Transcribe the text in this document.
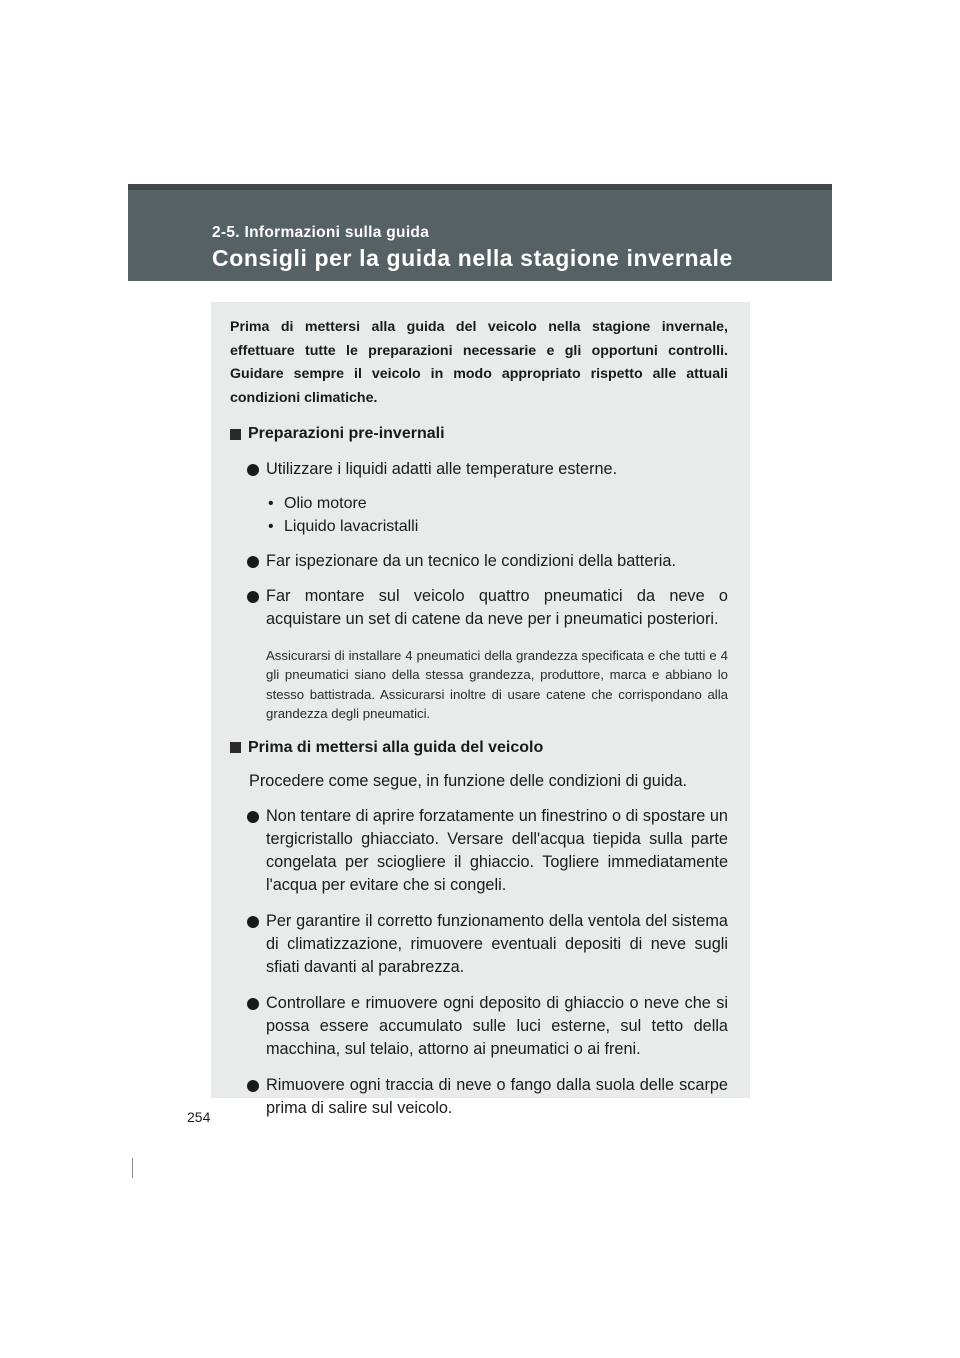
2-5. Informazioni sulla guida
Consigli per la guida nella stagione invernale

Prima di mettersi alla guida del veicolo nella stagione invernale, effettuare tutte le preparazioni necessarie e gli opportuni controlli. Guidare sempre il veicolo in modo appropriato rispetto alle attuali condizioni climatiche.

Preparazioni pre-invernali
Utilizzare i liquidi adatti alle temperature esterne.
• Olio motore
• Liquido lavacristalli
Far ispezionare da un tecnico le condizioni della batteria.
Far montare sul veicolo quattro pneumatici da neve o acquistare un set di catene da neve per i pneumatici posteriori.

Assicurarsi di installare 4 pneumatici della grandezza specificata e che tutti e 4 gli pneumatici siano della stessa grandezza, produttore, marca e abbiano lo stesso battistrada. Assicurarsi inoltre di usare catene che corrispondano alla grandezza degli pneumatici.

Prima di mettersi alla guida del veicolo

Procedere come segue, in funzione delle condizioni di guida.

Non tentare di aprire forzatamente un finestrino o di spostare un tergicristallo ghiacciato. Versare dell'acqua tiepida sulla parte congelata per sciogliere il ghiaccio. Togliere immediatamente l'acqua per evitare che si congeli.
Per garantire il corretto funzionamento della ventola del sistema di climatizzazione, rimuovere eventuali depositi di neve sugli sfiati davanti al parabrezza.
Controllare e rimuovere ogni deposito di ghiaccio o neve che si possa essere accumulato sulle luci esterne, sul tetto della macchina, sul telaio, attorno ai pneumatici o ai freni.
Rimuovere ogni traccia di neve o fango dalla suola delle scarpe prima di salire sul veicolo.
254
